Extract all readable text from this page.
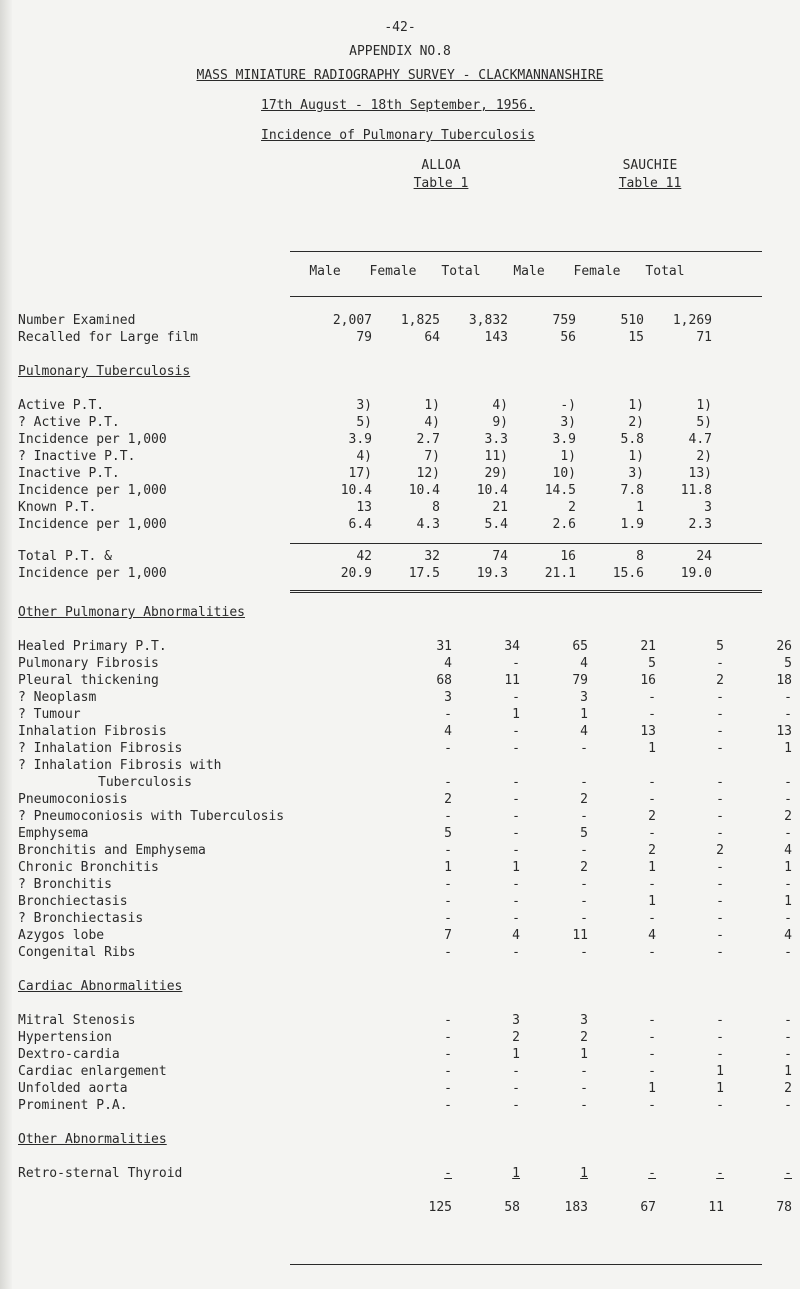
-42-
APPENDIX NO.8
MASS MINIATURE RADIOGRAPHY SURVEY - CLACKMANNANSHIRE
17th August - 18th September, 1956.
Incidence of Pulmonary Tuberculosis
ALLOA
Table 1
SAUCHIE
Table 11
Male Female Total	Male Female Total
Number Examined	2,007	1,825	3,832	759	510	1,269
Recalled for Large film	79	64	143	56	15	71
Pulmonary Tuberculosis						

Active P.T.	3)	1)	4)	-)	1)	1)
? Active P.T.	5)	4)	9)	3)	2)	5)
Incidence per 1,000	3.9	2.7	3.3	3.9	5.8	4.7
? Inactive P.T.	4)	7)	11)	1)	1)	2)
Inactive P.T.	17)	12)	29)	10)	3)	13)
Incidence per 1,000	10.4	10.4	10.4	14.5	7.8	11.8
Known P.T.	13	8	21	2	1	3
Incidence per 1,000	6.4	4.3	5.4	2.6	1.9	2.3
Total P.T. &	42	32	74	16	8	24
Incidence per 1,000	20.9	17.5	19.3	21.1	15.6	19.0
Other Pulmonary Abnormalities						

Healed Primary P.T.	31	34	65	21	5	26
Pulmonary Fibrosis	4	-	4	5	-	5
Pleural thickening	68	11	79	16	2	18
? Neoplasm	3	-	3	-	-	-
? Tumour	-	1	1	-	-	-
Inhalation Fibrosis	4	-	4	13	-	13
? Inhalation Fibrosis	-	-	-	1	-	1
? Inhalation Fibrosis with						
Tuberculosis	-	-	-	-	-	-
Pneumoconiosis	2	-	2	-	-	-
? Pneumoconiosis with Tuberculosis	-	-	-	2	-	2
Emphysema	5	-	5	-	-	-
Bronchitis and Emphysema	-	-	-	2	2	4
Chronic Bronchitis	1	1	2	1	-	1
? Bronchitis	-	-	-	-	-	-
Bronchiectasis	-	-	-	1	-	1
? Bronchiectasis	-	-	-	-	-	-
Azygos lobe	7	4	11	4	-	4
Congenital Ribs	-	-	-	-	-	-

Cardiac Abnormalities						

Mitral Stenosis	-	3	3	-	-	-
Hypertension	-	2	2	-	-	-
Dextro-cardia	-	1	1	-	-	-
Cardiac enlargement	-	-	-	-	1	1
Unfolded aorta	-	-	-	1	1	2
Prominent P.A.	-	-	-	-	-	-

Other Abnormalities						

Retro-sternal Thyroid	-	1	1	-	-	-

	125	58	183	67	11	78
